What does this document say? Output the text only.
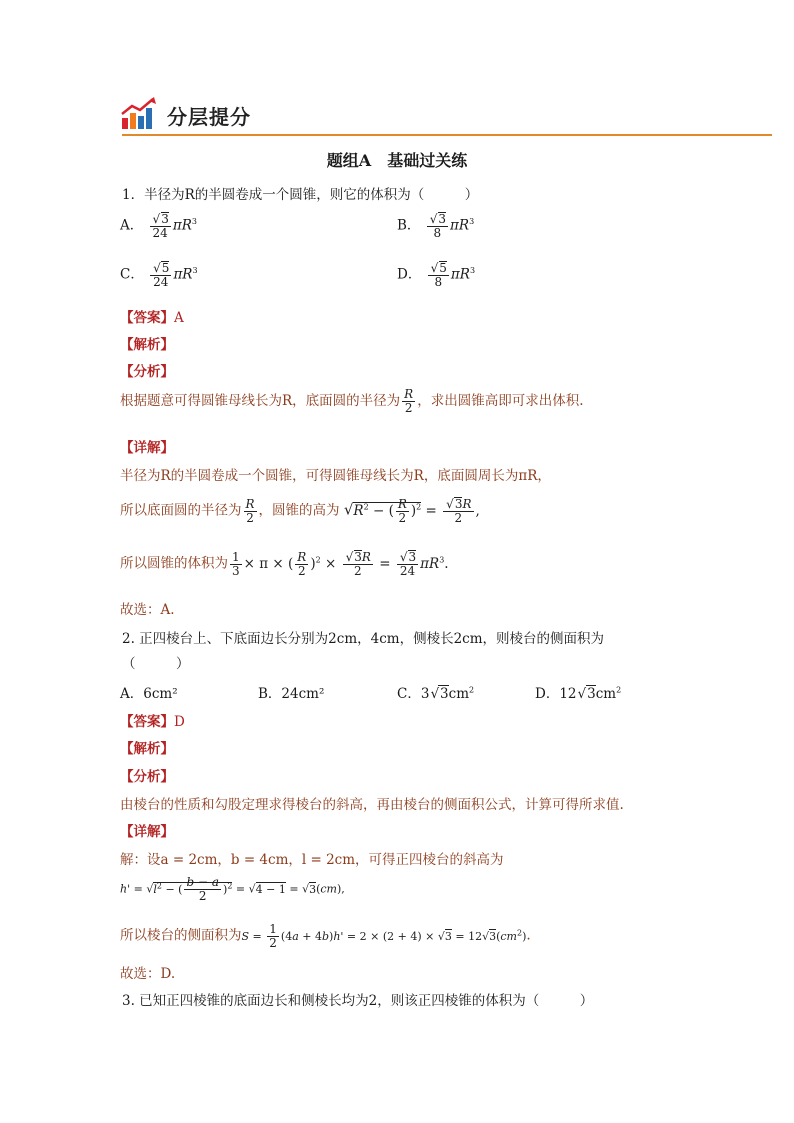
分层提分
题组A　基础过关练
1．半径为R的半圆卷成一个圆锥，则它的体积为（　　　）
A． √ $\frac{3}{24} \pi R^3$	B． √ $\frac{3}{8} \pi R^3$
C． √ $\frac{5}{24} \pi R^3$	D． √ $\frac{5}{8} \pi R^3$
【答案】A
【解析】
【分析】
根据题意可得圆锥母线长为R，底面圆的半径为 $\frac{R}{2}$ ，求出圆锥高即可求出体积.
【详解】
半径为R的半圆卷成一个圆锥，可得圆锥母线长为R，底面圆周长为πR，
所以底面圆的半径为 $\frac{R}{2}$ ，圆锥的高为 $√R^2$ − ( $\frac{R}{2} )^2$ = √ $\frac{3R}{2}$ ,
所以圆锥的体积为 $\frac{1}{3} \times \pi$ × ( $\frac{R}{2} )^2$ × √ $\frac{3R}{2}$ = √ $\frac{3}{24} \pi R^3$.
故选：A.
2. 正四棱台上、下底面边长分别为2cm，4cm，侧棱长2cm，则棱台的侧面积为
（　　　）
A．6cm²	B．24cm²	C．3 √ $3cm^2$	D．12 √ $3cm^2$
【答案】D
【解析】
【分析】
由棱台的性质和勾股定理求得棱台的斜高，再由棱台的侧面积公式，计算可得所求值.
【详解】
解：设a = 2cm，b = 4cm，l = 2cm，可得正四棱台的斜高为
$h' = √l^2$ − ( $\frac{b - a}{2} )^2 = √4 - 1 = √3(cm)$,
所以棱台的侧面积为$S = \frac{1}{2} (4a + 4b)h' = 2 \times (2 + 4) \times √3 = 12√3(cm^2)$.
故选：D.
3. 已知正四棱锥的底面边长和侧棱长均为2，则该正四棱锥的体积为（　　　）
